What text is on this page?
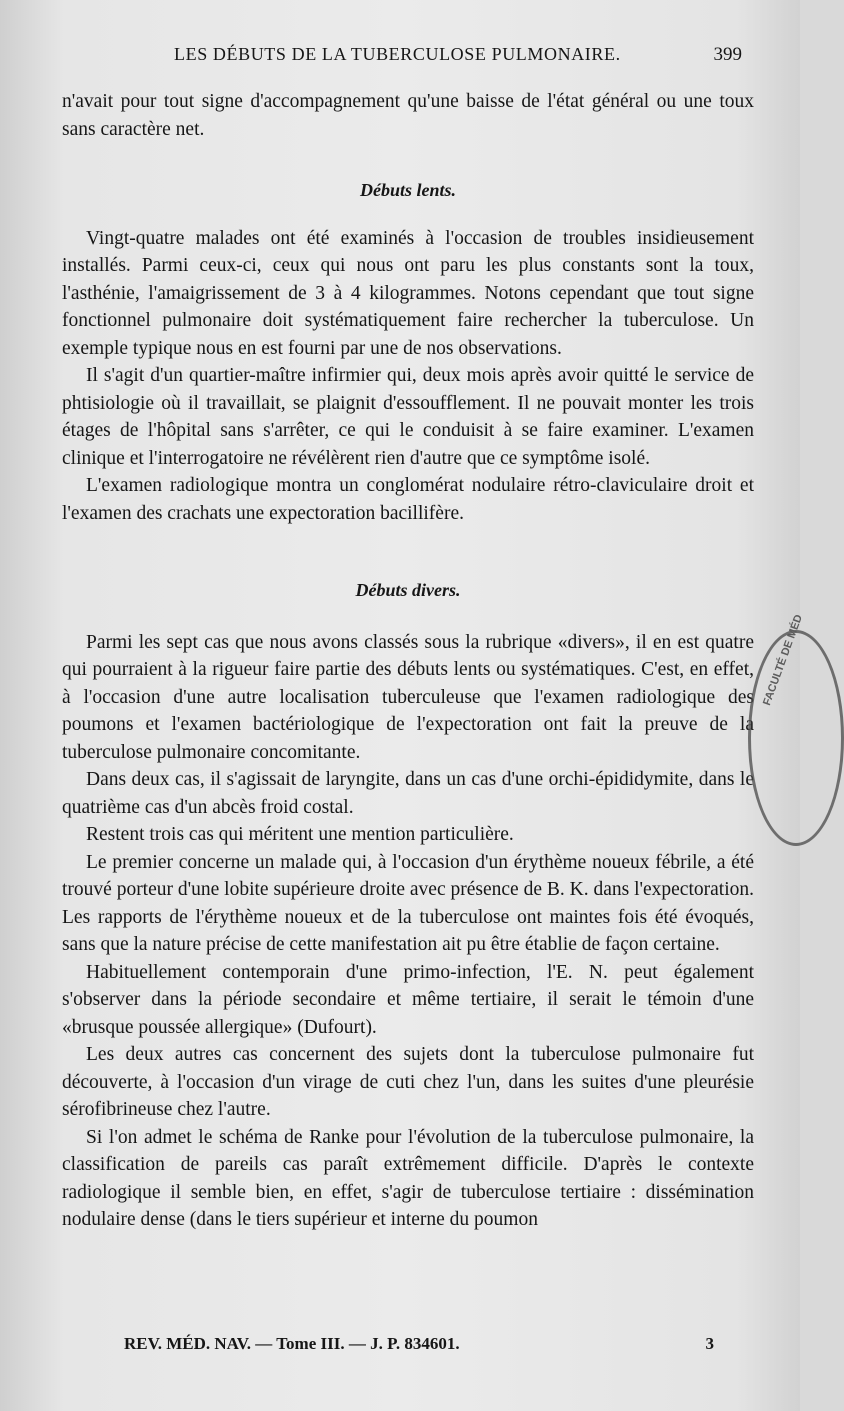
LES DÉBUTS DE LA TUBERCULOSE PULMONAIRE.	399

n'avait pour tout signe d'accompagnement qu'une baisse de l'état général ou une toux sans caractère net.

Débuts lents.

Vingt-quatre malades ont été examinés à l'occasion de troubles insidieusement installés. Parmi ceux-ci, ceux qui nous ont paru les plus constants sont la toux, l'asthénie, l'amaigrissement de 3 à 4 kilogrammes. Notons cependant que tout signe fonctionnel pulmonaire doit systématiquement faire rechercher la tuberculose. Un exemple typique nous en est fourni par une de nos observations.

Il s'agit d'un quartier-maître infirmier qui, deux mois après avoir quitté le service de phtisiologie où il travaillait, se plaignit d'essoufflement. Il ne pouvait monter les trois étages de l'hôpital sans s'arrêter, ce qui le conduisit à se faire examiner. L'examen clinique et l'interrogatoire ne révélèrent rien d'autre que ce symptôme isolé.

L'examen radiologique montra un conglomérat nodulaire rétro-claviculaire droit et l'examen des crachats une expectoration bacillifère.

Débuts divers.

Parmi les sept cas que nous avons classés sous la rubrique «divers», il en est quatre qui pourraient à la rigueur faire partie des débuts lents ou systématiques. C'est, en effet, à l'occasion d'une autre localisation tuberculeuse que l'examen radiologique des poumons et l'examen bactériologique de l'expectoration ont fait la preuve de la tuberculose pulmonaire concomitante.

Dans deux cas, il s'agissait de laryngite, dans un cas d'une orchi-épididymite, dans le quatrième cas d'un abcès froid costal.

Restent trois cas qui méritent une mention particulière.

Le premier concerne un malade qui, à l'occasion d'un érythème noueux fébrile, a été trouvé porteur d'une lobite supérieure droite avec présence de B. K. dans l'expectoration. Les rapports de l'érythème noueux et de la tuberculose ont maintes fois été évoqués, sans que la nature précise de cette manifestation ait pu être établie de façon certaine.

Habituellement contemporain d'une primo-infection, l'E. N. peut également s'observer dans la période secondaire et même tertiaire, il serait le témoin d'une «brusque poussée allergique» (Dufourt).

Les deux autres cas concernent des sujets dont la tuberculose pulmonaire fut découverte, à l'occasion d'un virage de cuti chez l'un, dans les suites d'une pleurésie sérofibrineuse chez l'autre.

Si l'on admet le schéma de Ranke pour l'évolution de la tuberculose pulmonaire, la classification de pareils cas paraît extrêmement difficile. D'après le contexte radiologique il semble bien, en effet, s'agir de tuberculose tertiaire : dissémination nodulaire dense (dans le tiers supérieur et interne du poumon

FACULTÉ DE MÉD
REV. MÉD. NAV. — Tome III. — J. P. 834601.	3
